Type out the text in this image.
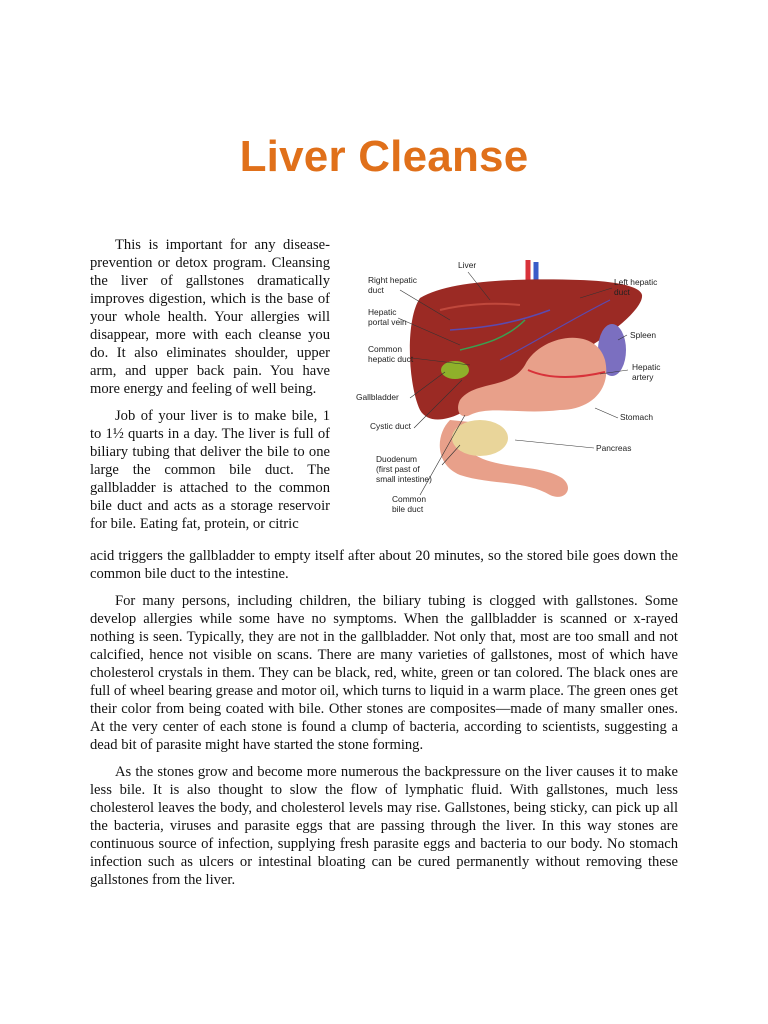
Liver Cleanse

This is important for any disease-prevention or detox program. Cleansing the liver of gallstones dramatically improves digestion, which is the base of your whole health. Your allergies will disappear, more with each cleanse you do. It also eliminates shoulder, upper arm, and upper back pain. You have more energy and feeling of well being.

Job of your liver is to make bile, 1 to 1½ quarts in a day. The liver is full of biliary tubing that deliver the bile to one large the common bile duct. The gallbladder is attached to the common bile duct and acts as a storage reservoir for bile. Eating fat, protein, or citric

acid triggers the gallbladder to empty itself after about 20 minutes, so the stored bile goes down the common bile duct to the intestine.

For many persons, including children, the biliary tubing is clogged with gallstones. Some develop allergies while some have no symptoms. When the gallbladder is scanned or x-rayed nothing is seen. Typically, they are not in the gallbladder. Not only that, most are too small and not calcified, hence not visible on scans. There are many varieties of gallstones, most of which have cholesterol crystals in them. They can be black, red, white, green or tan colored. The black ones are full of wheel bearing grease and motor oil, which turns to liquid in a warm place. The green ones get their color from being coated with bile. Other stones are composites—made of many smaller ones. At the very center of each stone is found a clump of bacteria, according to scientists, suggesting a dead bit of parasite might have started the stone forming.

As the stones grow and become more numerous the backpressure on the liver causes it to make less bile. It is also thought to slow the flow of lymphatic fluid. With gallstones, much less cholesterol leaves the body, and cholesterol levels may rise. Gallstones, being sticky, can pick up all the bacteria, viruses and parasite eggs that are passing through the liver. In this way stones are continuous source of infection, supplying fresh parasite eggs and bacteria to our body. No stomach infection such as ulcers or intestinal bloating can be cured permanently without removing these gallstones from the liver.

Liver
Right hepatic
duct
Left hepatic
duct
Hepatic
portal vein
Spleen
Common
hepatic duct
Hepatic
artery
Gallbladder
Stomach
Cystic duct
Pancreas
Duodenum
(first past of
small intestine)
Common
bile duct
